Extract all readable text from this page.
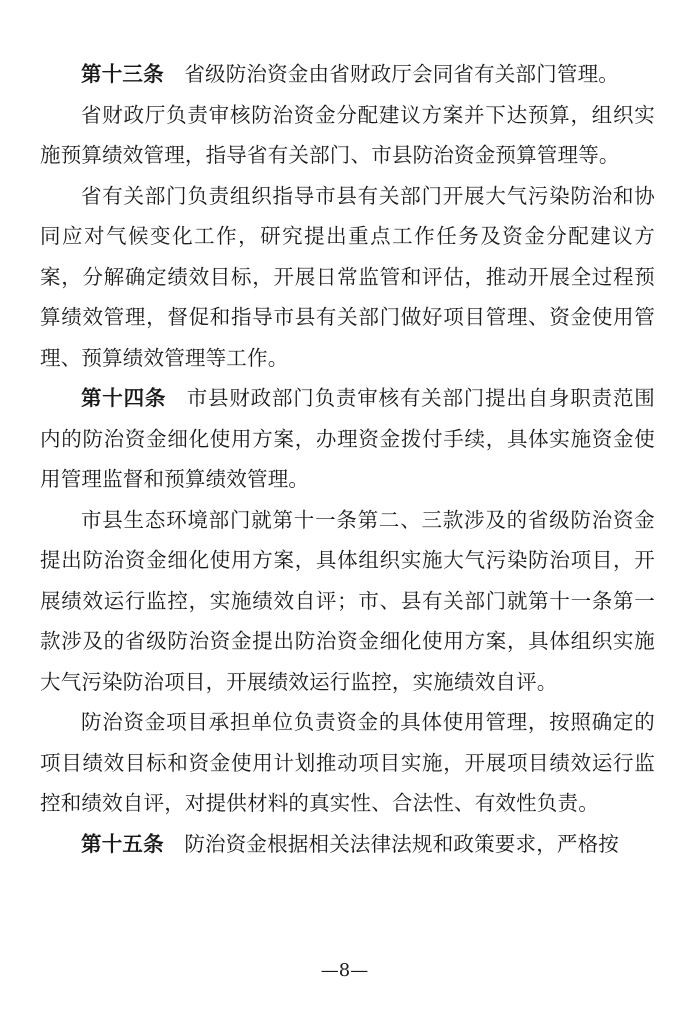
第十三条 省级防治资金由省财政厅会同省有关部门管理。

省财政厅负责审核防治资金分配建议方案并下达预算，组织实施预算绩效管理，指导省有关部门、市县防治资金预算管理等。

省有关部门负责组织指导市县有关部门开展大气污染防治和协同应对气候变化工作，研究提出重点工作任务及资金分配建议方案，分解确定绩效目标，开展日常监管和评估，推动开展全过程预算绩效管理，督促和指导市县有关部门做好项目管理、资金使用管理、预算绩效管理等工作。

第十四条 市县财政部门负责审核有关部门提出自身职责范围内的防治资金细化使用方案，办理资金拨付手续，具体实施资金使用管理监督和预算绩效管理。

市县生态环境部门就第十一条第二、三款涉及的省级防治资金提出防治资金细化使用方案，具体组织实施大气污染防治项目，开展绩效运行监控，实施绩效自评；市、县有关部门就第十一条第一款涉及的省级防治资金提出防治资金细化使用方案，具体组织实施大气污染防治项目，开展绩效运行监控，实施绩效自评。

防治资金项目承担单位负责资金的具体使用管理，按照确定的项目绩效目标和资金使用计划推动项目实施，开展项目绩效运行监控和绩效自评，对提供材料的真实性、合法性、有效性负责。

第十五条 防治资金根据相关法律法规和政策要求，严格按

—8—
